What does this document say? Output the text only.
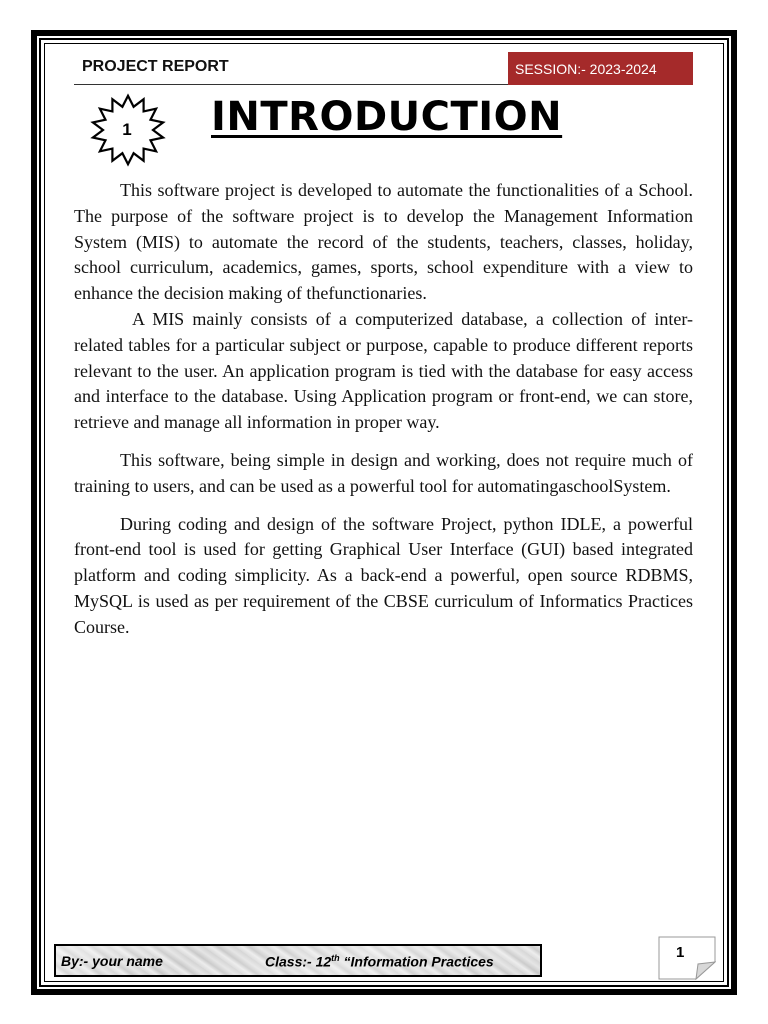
PROJECT REPORT	SESSION:- 2023-2024
1	INTRODUCTION

This software project is developed to automate the functionalities of a School. The purpose of the software project is to develop the Management Information System (MIS) to automate the record of the students, teachers, classes, holiday, school curriculum, academics, games, sports, school expenditure with a view to enhance the decision making of thefunctionaries.

A MIS mainly consists of a computerized database, a collection of inter-related tables for a particular subject or purpose, capable to produce different reports relevant to the user. An application program is tied with the database for easy access and interface to the database. Using Application program or front-end, we can store, retrieve and manage all information in proper way.

This software, being simple in design and working, does not require much of training to users, and can be used as a powerful tool for automatingaschoolSystem.

During coding and design of the software Project, python IDLE, a powerful front-end tool is used for getting Graphical User Interface (GUI) based integrated platform and coding simplicity. As a back-end a powerful, open source RDBMS, MySQL is used as per requirement of the CBSE curriculum of Informatics Practices Course.

By:- your name	Class:- 12th “Information Practices
1
